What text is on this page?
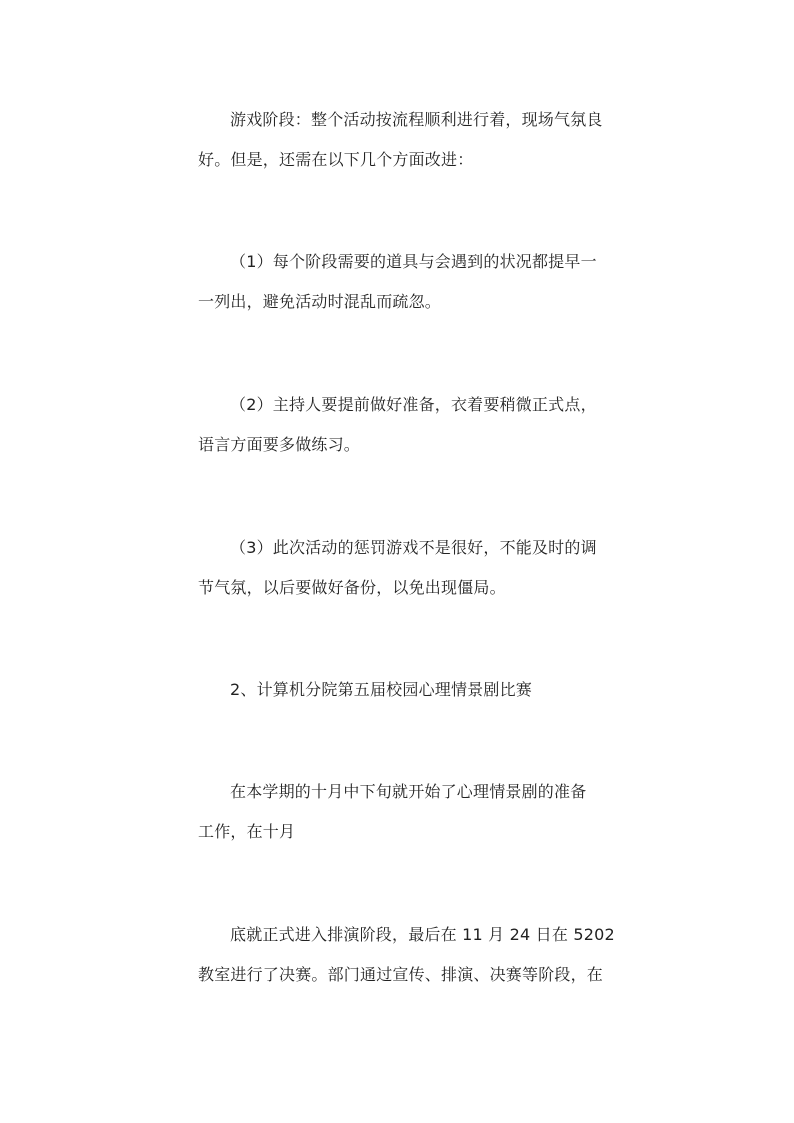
游戏阶段：整个活动按流程顺利进行着，现场气氛良
好。但是，还需在以下几个方面改进：
（1）每个阶段需要的道具与会遇到的状况都提早一
一列出，避免活动时混乱而疏忽。
（2）主持人要提前做好准备，衣着要稍微正式点，
语言方面要多做练习。
（3）此次活动的惩罚游戏不是很好，不能及时的调
节气氛，以后要做好备份，以免出现僵局。
2、计算机分院第五届校园心理情景剧比赛
在本学期的十月中下旬就开始了心理情景剧的准备
工作，在十月
底就正式进入排演阶段，最后在 11 月 24 日在 5202
教室进行了决赛。部门通过宣传、排演、决赛等阶段，在
